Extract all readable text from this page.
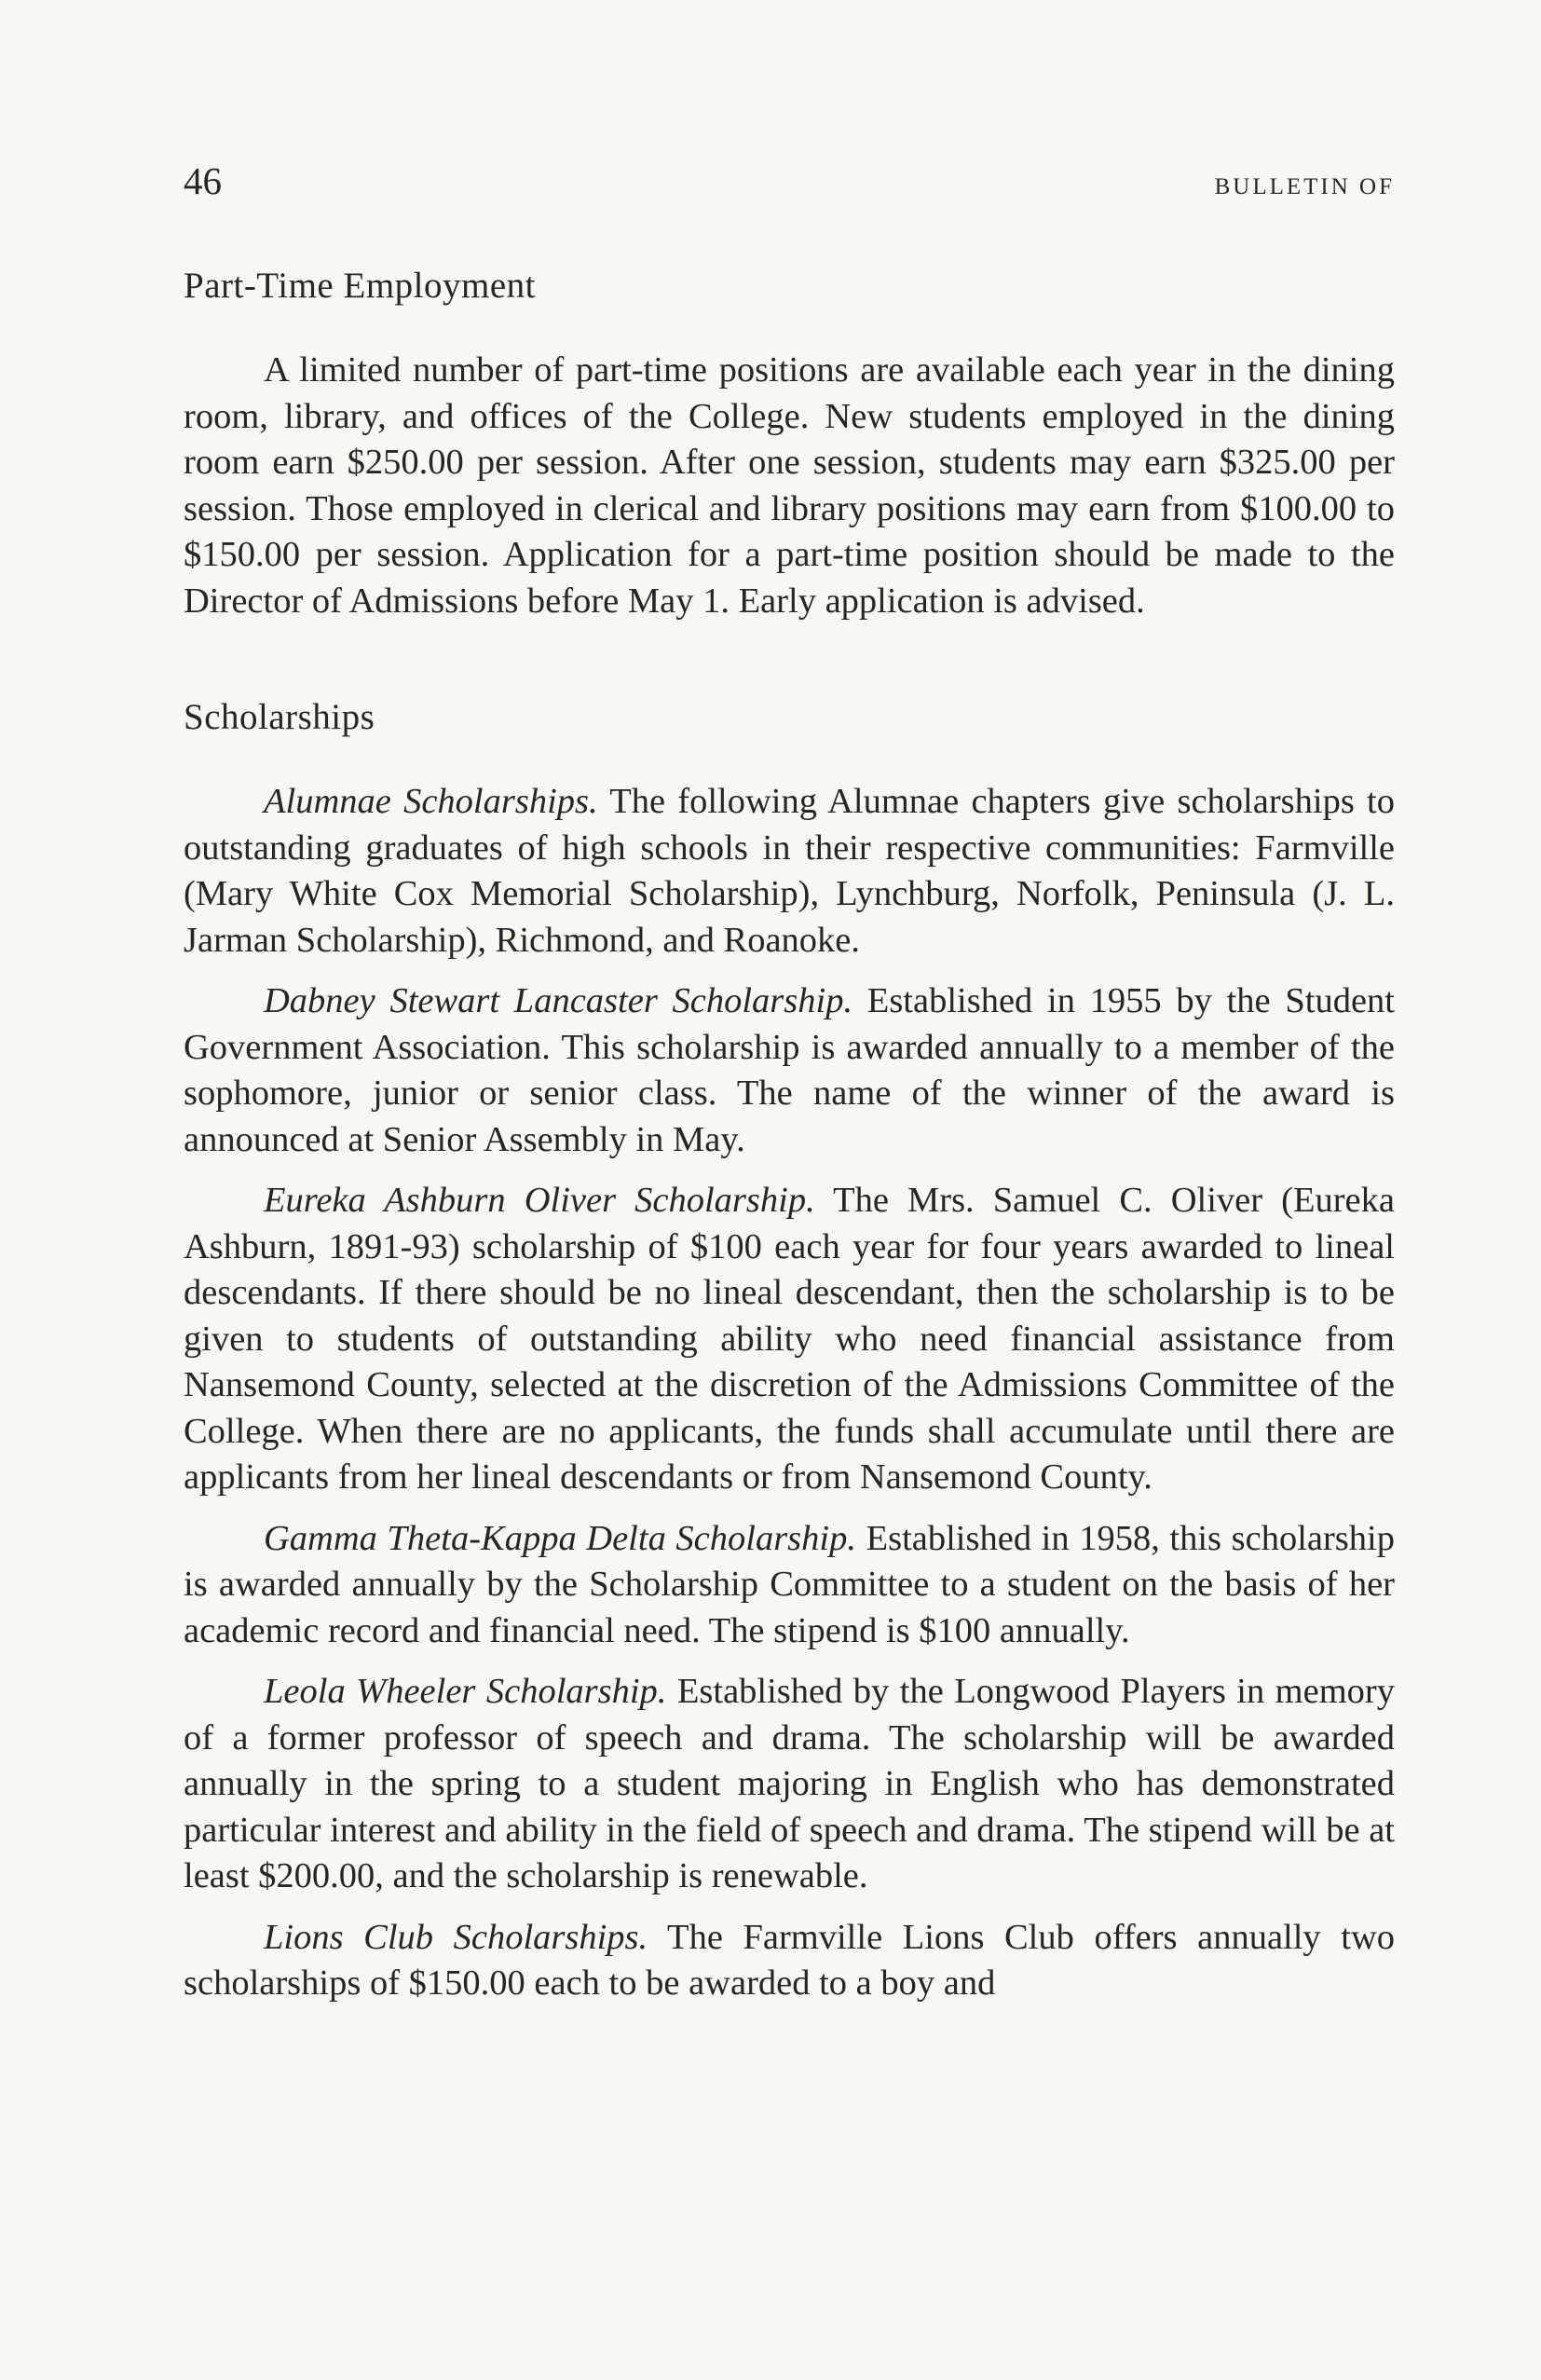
46	BULLETIN OF
Part-Time Employment

A limited number of part-time positions are available each year in the dining room, library, and offices of the College. New students employed in the dining room earn $250.00 per session. After one session, students may earn $325.00 per session. Those employed in clerical and library positions may earn from $100.00 to $150.00 per session. Application for a part-time position should be made to the Director of Admissions before May 1. Early application is advised.

Scholarships

Alumnae Scholarships. The following Alumnae chapters give scholarships to outstanding graduates of high schools in their respective communities: Farmville (Mary White Cox Memorial Scholarship), Lynchburg, Norfolk, Peninsula (J. L. Jarman Scholarship), Richmond, and Roanoke.

Dabney Stewart Lancaster Scholarship. Established in 1955 by the Student Government Association. This scholarship is awarded annually to a member of the sophomore, junior or senior class. The name of the winner of the award is announced at Senior Assembly in May.

Eureka Ashburn Oliver Scholarship. The Mrs. Samuel C. Oliver (Eureka Ashburn, 1891-93) scholarship of $100 each year for four years awarded to lineal descendants. If there should be no lineal descendant, then the scholarship is to be given to students of outstanding ability who need financial assistance from Nansemond County, selected at the discretion of the Admissions Committee of the College. When there are no applicants, the funds shall accumulate until there are applicants from her lineal descendants or from Nansemond County.

Gamma Theta-Kappa Delta Scholarship. Established in 1958, this scholarship is awarded annually by the Scholarship Committee to a student on the basis of her academic record and financial need. The stipend is $100 annually.

Leola Wheeler Scholarship. Established by the Longwood Players in memory of a former professor of speech and drama. The scholarship will be awarded annually in the spring to a student majoring in English who has demonstrated particular interest and ability in the field of speech and drama. The stipend will be at least $200.00, and the scholarship is renewable.

Lions Club Scholarships. The Farmville Lions Club offers annually two scholarships of $150.00 each to be awarded to a boy and
